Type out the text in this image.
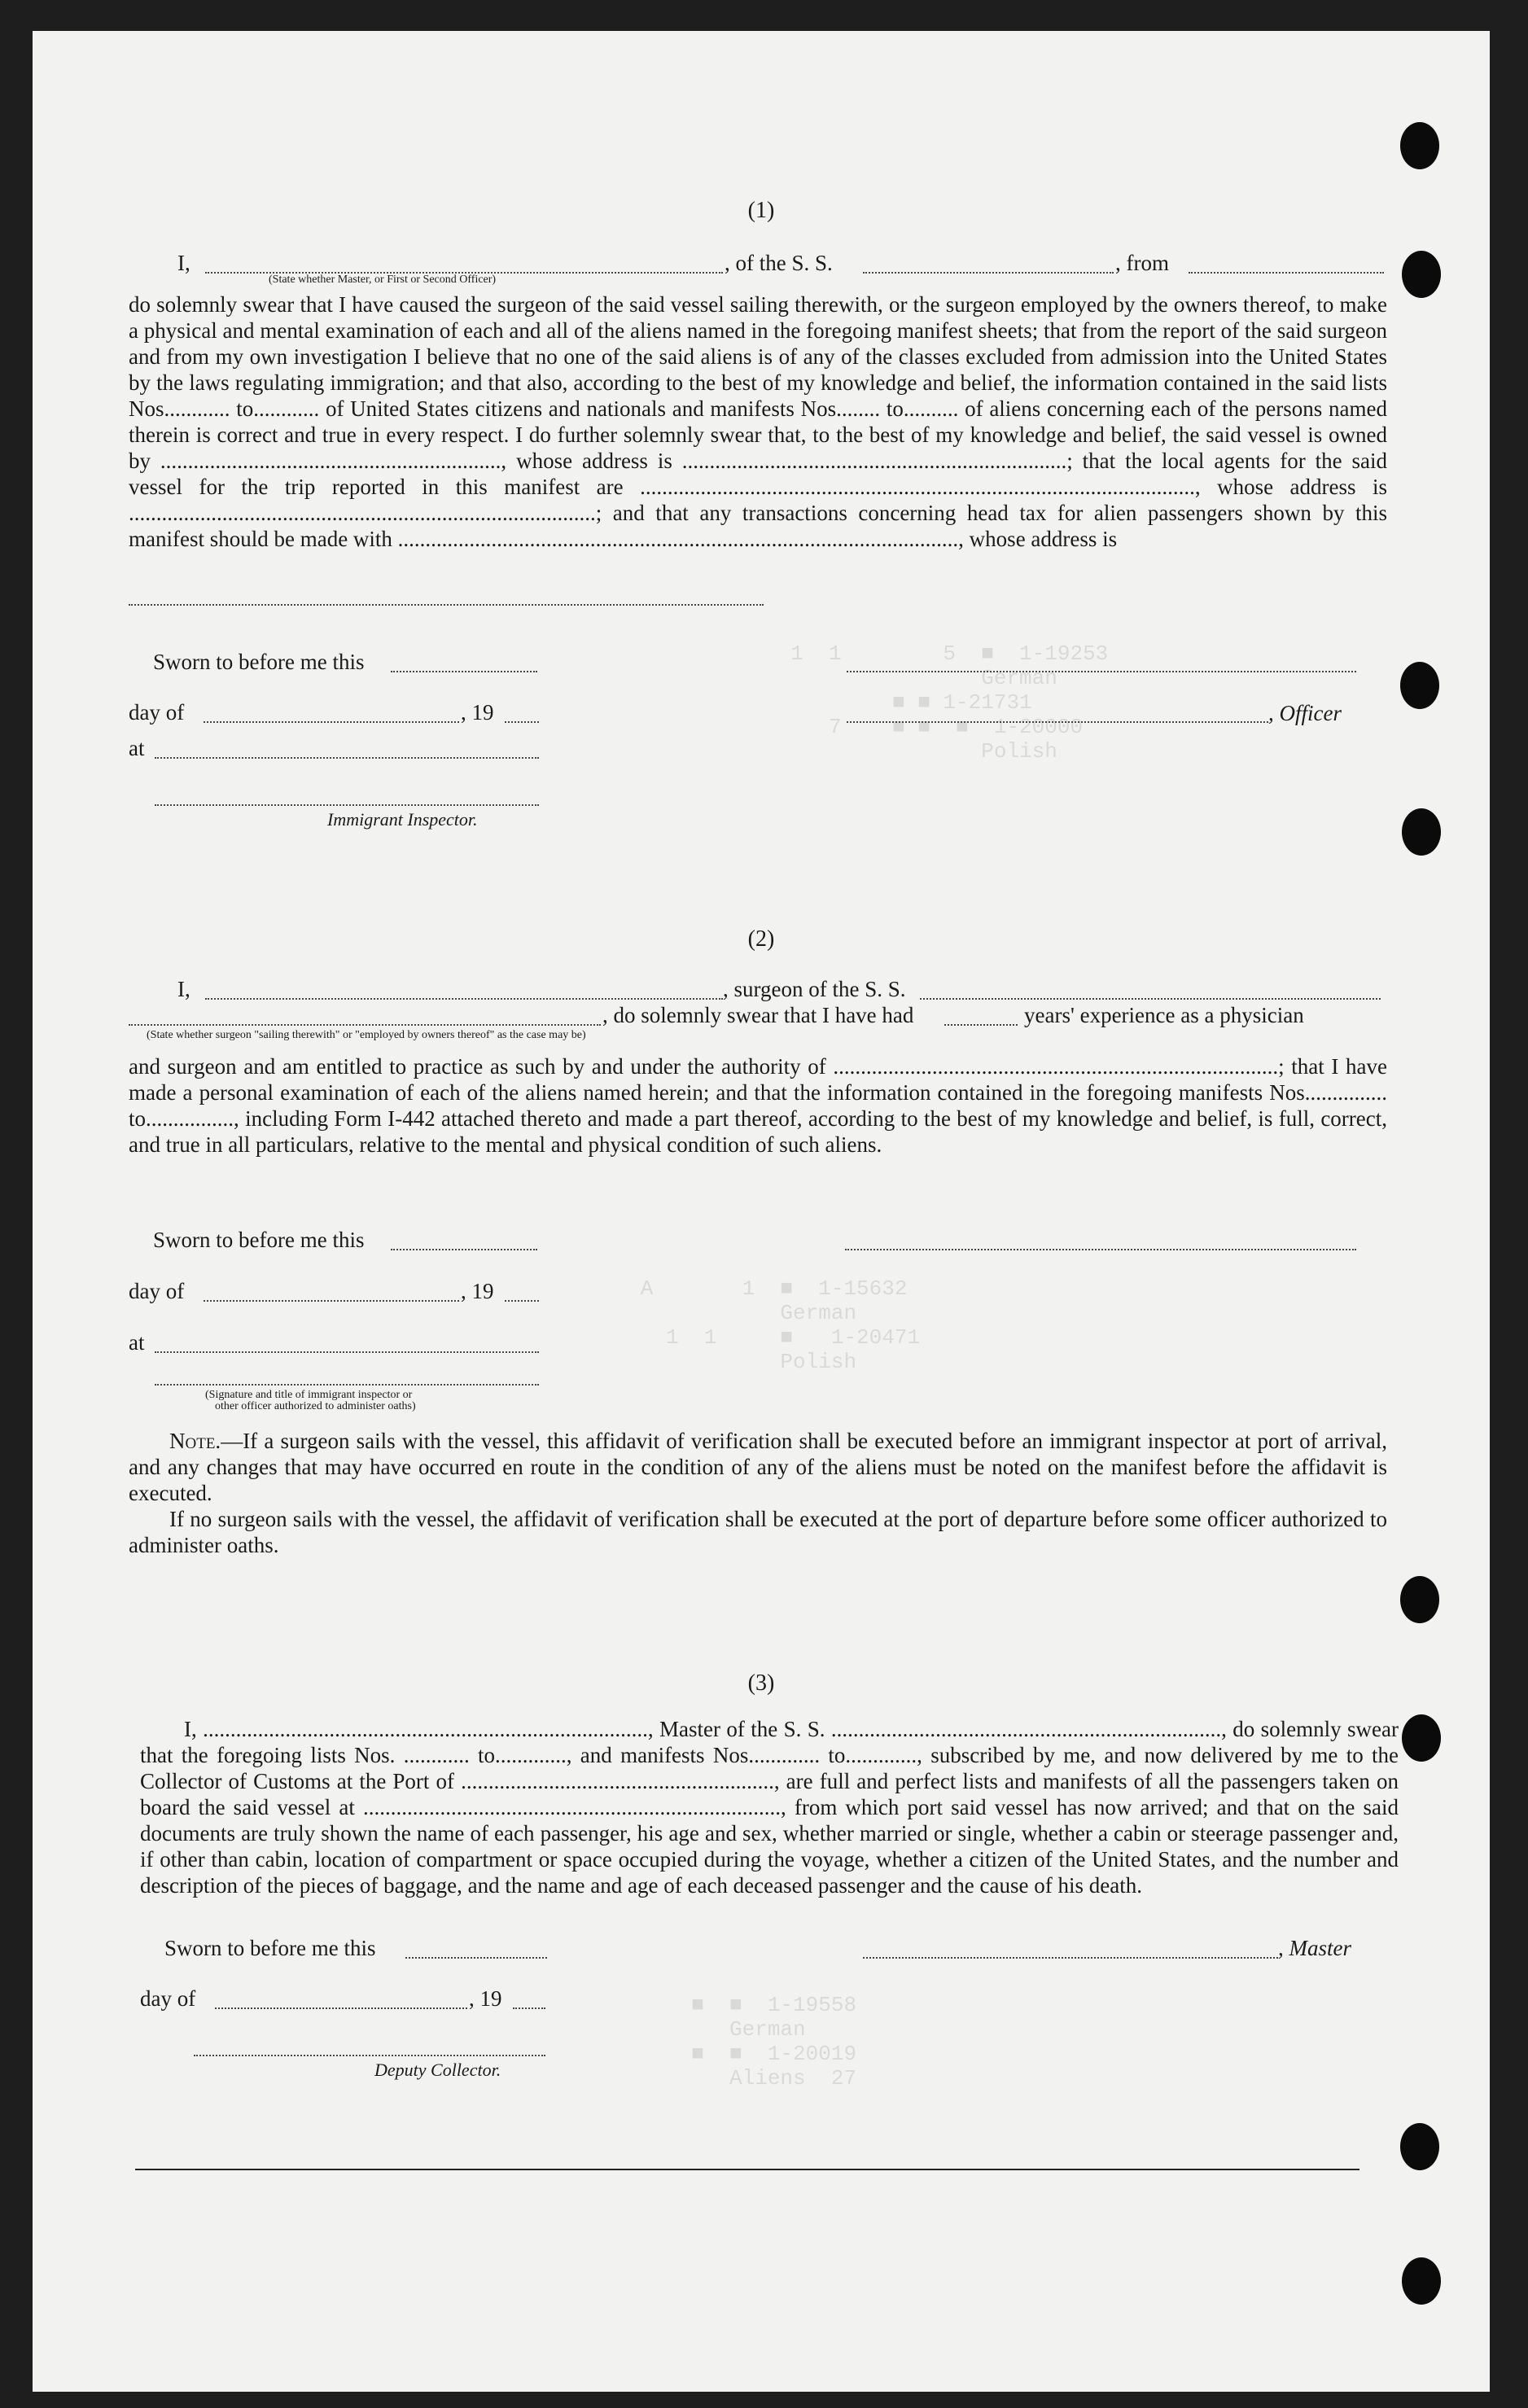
1  1        5  ■  1-19253
German
■ ■ 1-21731
7    ■ ■  ■  1-20000
Polish

A       1  ■  1-15632
German
1  1     ■   1-20471
Polish

■  ■  1-19558
German
■  ■  1-20019
Aliens  27

(1)
I,	, of the S. S.	, from
(State whether Master, or First or Second Officer)

do solemnly swear that I have caused the surgeon of the said vessel sailing therewith, or the surgeon employed by the owners thereof, to make a physical and mental examination of each and all of the aliens named in the foregoing manifest sheets; that from the report of the said surgeon and from my own investigation I believe that no one of the said aliens is of any of the classes excluded from admission into the United States by the laws regulating immigration; and that also, according to the best of my knowledge and belief, the information contained in the said lists Nos............ to............ of United States citizens and nationals and manifests Nos........ to.......... of aliens concerning each of the persons named therein is correct and true in every respect. I do further solemnly swear that, to the best of my knowledge and belief, the said vessel is owned by .............................................................., whose address is ......................................................................; that the local agents for the said vessel for the trip reported in this manifest are ....................................................................................................., whose address is .....................................................................................; and that any transactions concerning head tax for alien passengers shown by this manifest should be made with ......................................................................................................, whose address is

Sworn to before me this
day of	, 19	, Officer
at
Immigrant Inspector.
(2)
I,	, surgeon of the S. S.
, do solemnly swear that I have had	years' experience as a physician
(State whether surgeon "sailing therewith" or "employed by owners thereof" as the case may be)

and surgeon and am entitled to practice as such by and under the authority of .................................................................................; that I have made a personal examination of each of the aliens named herein; and that the information contained in the foregoing manifests Nos............... to................, including Form I-442 attached thereto and made a part thereof, according to the best of my knowledge and belief, is full, correct, and true in all particulars, relative to the mental and physical condition of such aliens.

Sworn to before me this
day of	, 19
at
(Signature and title of immigrant inspector or
other officer authorized to administer oaths)

Note.—If a surgeon sails with the vessel, this affidavit of verification shall be executed before an immigrant inspector at port of arrival, and any changes that may have occurred en route in the condition of any of the aliens must be noted on the manifest before the affidavit is executed.

If no surgeon sails with the vessel, the affidavit of verification shall be executed at the port of departure before some officer authorized to administer oaths.

(3)

I, ................................................................................., Master of the S. S. ......................................................................., do solemnly swear that the foregoing lists Nos. ............ to............., and manifests Nos............. to............., subscribed by me, and now delivered by me to the Collector of Customs at the Port of ........................................................., are full and perfect lists and manifests of all the passengers taken on board the said vessel at ............................................................................, from which port said vessel has now arrived; and that on the said documents are truly shown the name of each passenger, his age and sex, whether married or single, whether a cabin or steerage passenger and, if other than cabin, location of compartment or space occupied during the voyage, whether a citizen of the United States, and the number and description of the pieces of baggage, and the name and age of each deceased passenger and the cause of his death.

Sworn to before me this	, Master
day of	, 19
Deputy Collector.
